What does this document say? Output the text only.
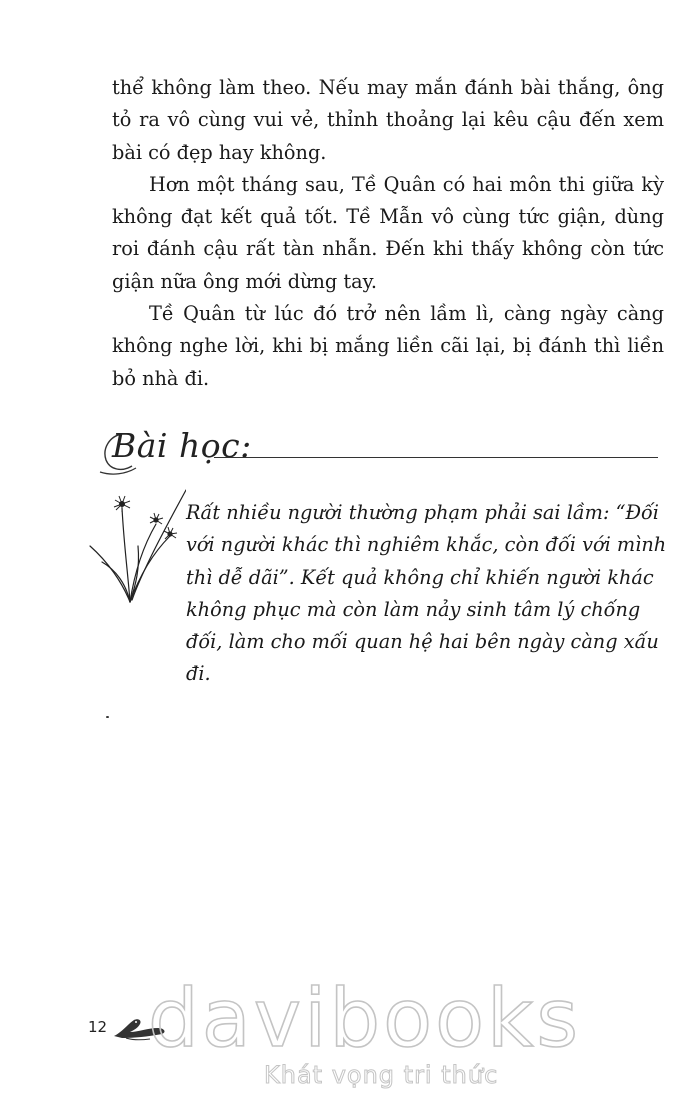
thể không làm theo. Nếu may mắn đánh bài thắng, ông tỏ ra vô cùng vui vẻ, thỉnh thoảng lại kêu cậu đến xem bài có đẹp hay không.

Hơn một tháng sau, Tề Quân có hai môn thi giữa kỳ không đạt kết quả tốt. Tề Mẫn vô cùng tức giận, dùng roi đánh cậu rất tàn nhẫn. Đến khi thấy không còn tức giận nữa ông mới dừng tay.

Tề Quân từ lúc đó trở nên lầm lì, càng ngày càng không nghe lời, khi bị mắng liền cãi lại, bị đánh thì liền bỏ nhà đi.

Bài học:

Rất nhiều người thường phạm phải sai lầm: “Đối với người khác thì nghiêm khắc, còn đối với mình thì dễ dãi”. Kết quả không chỉ khiến người khác không phục mà còn làm nảy sinh tâm lý chống đối, làm cho mối quan hệ hai bên ngày càng xấu đi.

12 davibooks
Khát vọng tri thức
